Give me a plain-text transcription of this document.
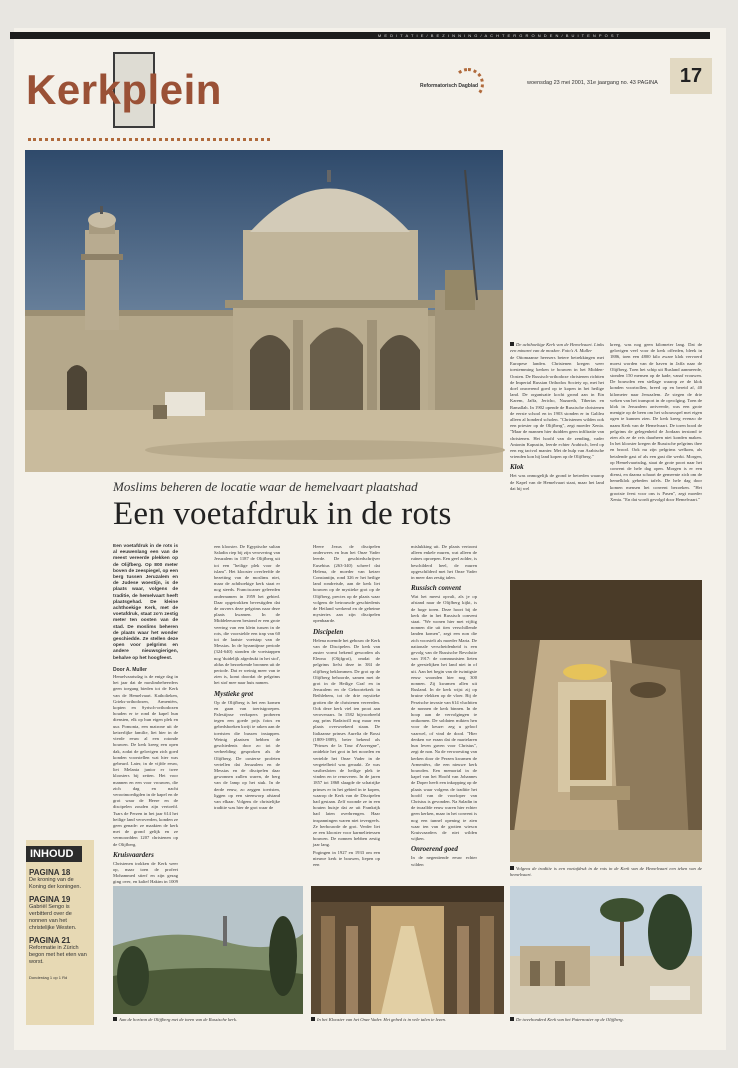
M E D I T A T I E / B E Z I N N I N G / A C H T E R G R O N D E N / B U I T E N P O S T
Kerkplein	Reformatorisch Dagblad	woensdag 23 mei 2001, 31e jaargang no. 43 PAGINA	17
Moslims beheren de locatie waar de hemelvaart plaatshad
Een voetafdruk in de rots

Een voetafdruk in de rots is al eeuwenlang een van de meest vereerde plekken op de Olijfberg. Op 800 meter boven de zeespiegel, op een berg tussen Jeruzalem en de Judese woestijn, is de plaats waar, volgens de traditie, de hemelvaart heeft plaatsgehad. De kleine achthoekige Kerk, met de voetafdruk, staat zo'n zestig meter ten oosten van de stad. De moslims beheren de plaats waar het wonder geschiedde. Ze stellen deze open voor pelgrims en andere nieuwsgierigen, behalve op het hoogfeest.

Door A. Muller

Hemelvaartsdag is de enige dag in het jaar dat de moslimbeheerders geen toegang bieden tot de Kerk van de Hemelvaart. Katholieken, Grieks-orthodoxen, Armeniërs, kopten en Syrisch-orthodoxen houden er te rond de kapel hun diensten, elk op hun eigen plek en uur. Pomonia, een matrone uit de keizerlijke familie, liet hier in de vierde eeuw al een rotonde bouwen. De kerk kreeg een open dak, zodat de gelovigen zich goed konden voorstellen wat hier was gebeurd. Later, in de vijfde eeuw, liet Melania junior er twee kloosters bij zetten. Het voor mannen en een voor vrouwen, die zich dag en nacht verootmoedigden in de kapel en de grot waar de Heere en de discipelen zouden zijn vertoefd. Tsars de Perzen in het jaar 614 het heilige land veroverden, konden ze geen genade: ze maakten de kerk met de grond gelijk en ze vermoordden 1207 christenen op de Olijfberg.

Kruisvaarders

Christenen trokken de Kerk weer op, maar toen de profeet Mohammed stierf en zijn gezag ging over, en kalief Hakim in 1009

een klooster. De Egyptische sultan Saladin riep bij zijn verovering van Jeruzalem in 1187 de Olijfberg uit tot een "heilige plek voor de islam". Het klooster overleefde de bezetting van de moslims niet, maar de achthoekige kerk staat er nog steeds. Franciscaner geleerden ondernamen in 1959 het gebied. Daar opgetrokken bevestigden dat de ouvrers deze pelgrims naar deze plaats kwamen. In de Middeleeuwen bestond er een grote veering van een klein tussen in de rots, die voorstelde een trap van 60 tot de laatste voetstap van de Messias. In de byzantijnse periode (324-640) stonden de voetstappen nog 'duidelijk afgedrukt in het stof', aldus de bezoekende bronnen uit de periode. Dat er weinig meer van te zien is, komt doordat de pelgrims het stof mee naar huis namen.

Mystieke grot

Op de Olijfberg is het een komen en gaan van toeristgroepen. Palestijnse verkopers proberen tegen een goede prijs fotos en gebedsboeken kwijt te raken aan de toeristen die bussen instappen. Weinig plaatsen hebben de geschiedenis door zo tot de verbeelding gesproken als de Olijfberg. De oosterse profeten vertellen dat Jeruzalem en de Messias en de discipelen daar gewonnen zullen waren, de berg van de lamp op het stuk. In de derde eeuw, zo zeggen toeristen, liggen op een steenworp afstand van elkaar. Volgens de christelijke traditie was hier de grot waar de

Heere Jezus de discipelen onderwees en hun het Onze Vader leerde. De geschiedschrijver Eusebius (263-340) schreef dat Helena, de moeder van keizer Constantijn, rond 326 er het heilige land rondreisde, aan de kerk liet bouwen op de mystieke grot op de Olijfberg, precies op de plaats waar volgens de betrouwde geschiedenis de Heiland werkend en de geheime mysteries aan zijn discipelen openbaarde.

Discipelen

Helena noemde het gebouw de Kerk van de Discipelen. De kerk van zuster vormt bekend geworden als Eleona (Olijfgrot), omdat de pelgrims liefst deze in 384 de olijfberg beklommen. De grot op de Olijfberg behoorde, samen met de grot in de Heilige Graf en in Jeruzalem en de Geboortekerk in Bethlehem, tot de drie mystieke grotten die de christenen vereerden. Ook deze kerk viel ten prooi aan veroveraars. In 1582 bijvoorbeeld zag prins Radziwill nog maar een plaats overwoekerd staan. De Italiaanse prinses Aurelia de Bossi (1809-1889), beter bekend als "Prinses de la Tour d'Auvergne", ontdekte het grot in het noorden en vertelde het Onze Vader in de vergetelheid was geraakt. Ze was vastbesloten de heilige plek te vinden en te renoveren. In de jaren 1857 tot 1868 slaagde de schatrijke prinses er in het gebied in te kopen, waarop de Kerk van de Discipelen had gestaan. Zelf woonde ze in een houten huisje dat ze uit Frankrijk had laten overbrengen. Haar inspanningen waren niet tevergeefs. Ze herbouwde de grot. Verder liet ze een klooster voor karmelietessen bouwen. De nonnen hebben zestig jaar lang.

Pogingen in 1927 en 1933 om een nieuwe kerk te bouwen, liepen op een

mislukking uit. De plaats vertoont alleen enkele muren, wat alleen de ruïnes oproepen. Een geel zolder, is beschilderd heel, de muren opgeschilderd met het Onze Vader in meer dan zestig talen.

Russisch convent

Wat het meest opvalt, als je op afstand naar de Olijfberg kijkt, is de hoge toren. Deze hoort bij de kerk die in het Russisch convent staat. "We wonen hier met vijftig nonnen die uit tien verschillende landen komen", zegt een non die zich voorstelt als moeder Maria. De nationale verscheidenheid is een gevolg van de Russische Revolutie van 1917: de communisten lieten de geestelijken het land niet in of uit. Aan het begin van de twintigste eeuw woonden hier nog 300 nonnen. Zij kwamen allen uit Rusland. In de kerk wijst zij op bruine vlekken op de vloer. Bij de Perzische invasie van 614 vluchtten de nonnen de kerk binnen. In de hoop aan de vervolgingen te ontkomen. De soldaten mikten hen voor de keuze: zeg u geloof vaarwel, of vind de dood. "Hier denken we eraan dat de martelaren hun leven gaven voor Christus", zegt de non. Na de verwoesting van kerken door de Perzen kwamen de Armeniërs, die een nieuwe kerk bouwden. Een memorial in de kapel van het Hoofd van Johannes de Doper heeft een inkopping op de plaats waar volgens de traditie het hoofd van de voorloper van Christus is gevonden. Na Saladin in de twaalfde eeuw waren hier echter geen kerken, maar in het convent is nog een tunnel opening te zien waar ten van de grotten wiescn Kruisvaarders de niet wilden wijken.

Onroerend goed

In de negentiende eeuw echter wilden

De achthoekige Kerk van de Hemelvaart. Links een minaret van de moskee. Foto's A. Muller

de Ottomaanse heersers betere betrekkingen met Europese landen. Christenen kregen weer toestemming kerken te bouwen in het Midden-Oosten. De Russisch-orthodoxe christenen richtten de Imperial Russian Orthodox Society op, met het doel onroerend goed op te kopen in het heilige land. De organisatie kocht grond aan in Ein Karem, Jaffa, Jericho, Nazareth, Tiberias en Ramallah. In 1902 opende de Russische christenen de eerste school en in 1903 stonden er in Galilea alleen al honderd scholen. "Christenen wilden ook een priester op de Olijfberg", zegt moeder Xenia. "Maar de mannen hier duidden geen infiltratie van christenen. Het hoofd van de zending, vader Antonin Kapustin, leerde echter Arabisch, leed op een erg tactvol manier. Met de hulp van Arabische vrienden kon hij land kopen op de Olijfberg."

Klok

Het was onmogelijk de grond te betreden waarop de Kapel van de Hemelvaart staat, maar het land dat hij wel

kreeg, was nog geen kilometer lang. Dat de gelovigen veel voor de kerk offerden, bleek in 1886, toen een 4800 kilo zware klok vervoerd moest worden van de haven in Jaffa naar de Olijfberg. Toen het schip uit Rusland aanmeerde, stonden 150 mensen op de kade, vanaf vrouwen. De bouwden een stellage waarop ze de klok konden voortrollen, breed op en bereid af, 40 kilometer naar Jeruzalem. Ze stegen de drie weken van het transport in de opvolging. Toen de klok in Jeruzalem arriveerde, was een grote menigte op de been om het schouwspel met eigen ogen te kunnen zien. De kerk kreeg evenzo de naam Kerk van de Hemelvaart. De toren bood de pelgrims de gelegenheid de Jordaan terstond te zien als ze de reis daarheen niet konden maken. In het klooster kregen de Russische pelgrims thee en brood. Ook nu zijn pelgrims welkom, als betalende gast of als een gast die werkt. Morgen, op Hemelvaartsdag, staat de grote poort naar het convent de hele dag open. Morgen is er een dienst, en daarna schaart de gemeente zich om de hemelklok gebeden tafels. De hele dag door komen mensen het convent bezoeken. "Het grootste feest voor ons is Pasen", zegt moeder Xenia. "En dat wordt gevolgd door Hemelvaart."

Volgens de traditie is een voetafdruk in de rots in de Kerk van de Hemelvaart een teken van de hemelvaart.
INHOUD
PAGINA 18
De kroning van de Koning der koningen.
PAGINA 19
Gabriël Sengo is verbitterd over de nonnen van het christelijke Westen.
PAGINA 21
Reformatie in Zürich begon met het eten van worst.
Donderdag 1 op 1 Rd
Aan de horizon de Olijfberg met de toren van de Russische kerk.	In het Klooster van het Onze Vader. Het gebed is in vele talen te lezen.	De tweehonderd Kerk van het Paternoster op de Olijfberg.
